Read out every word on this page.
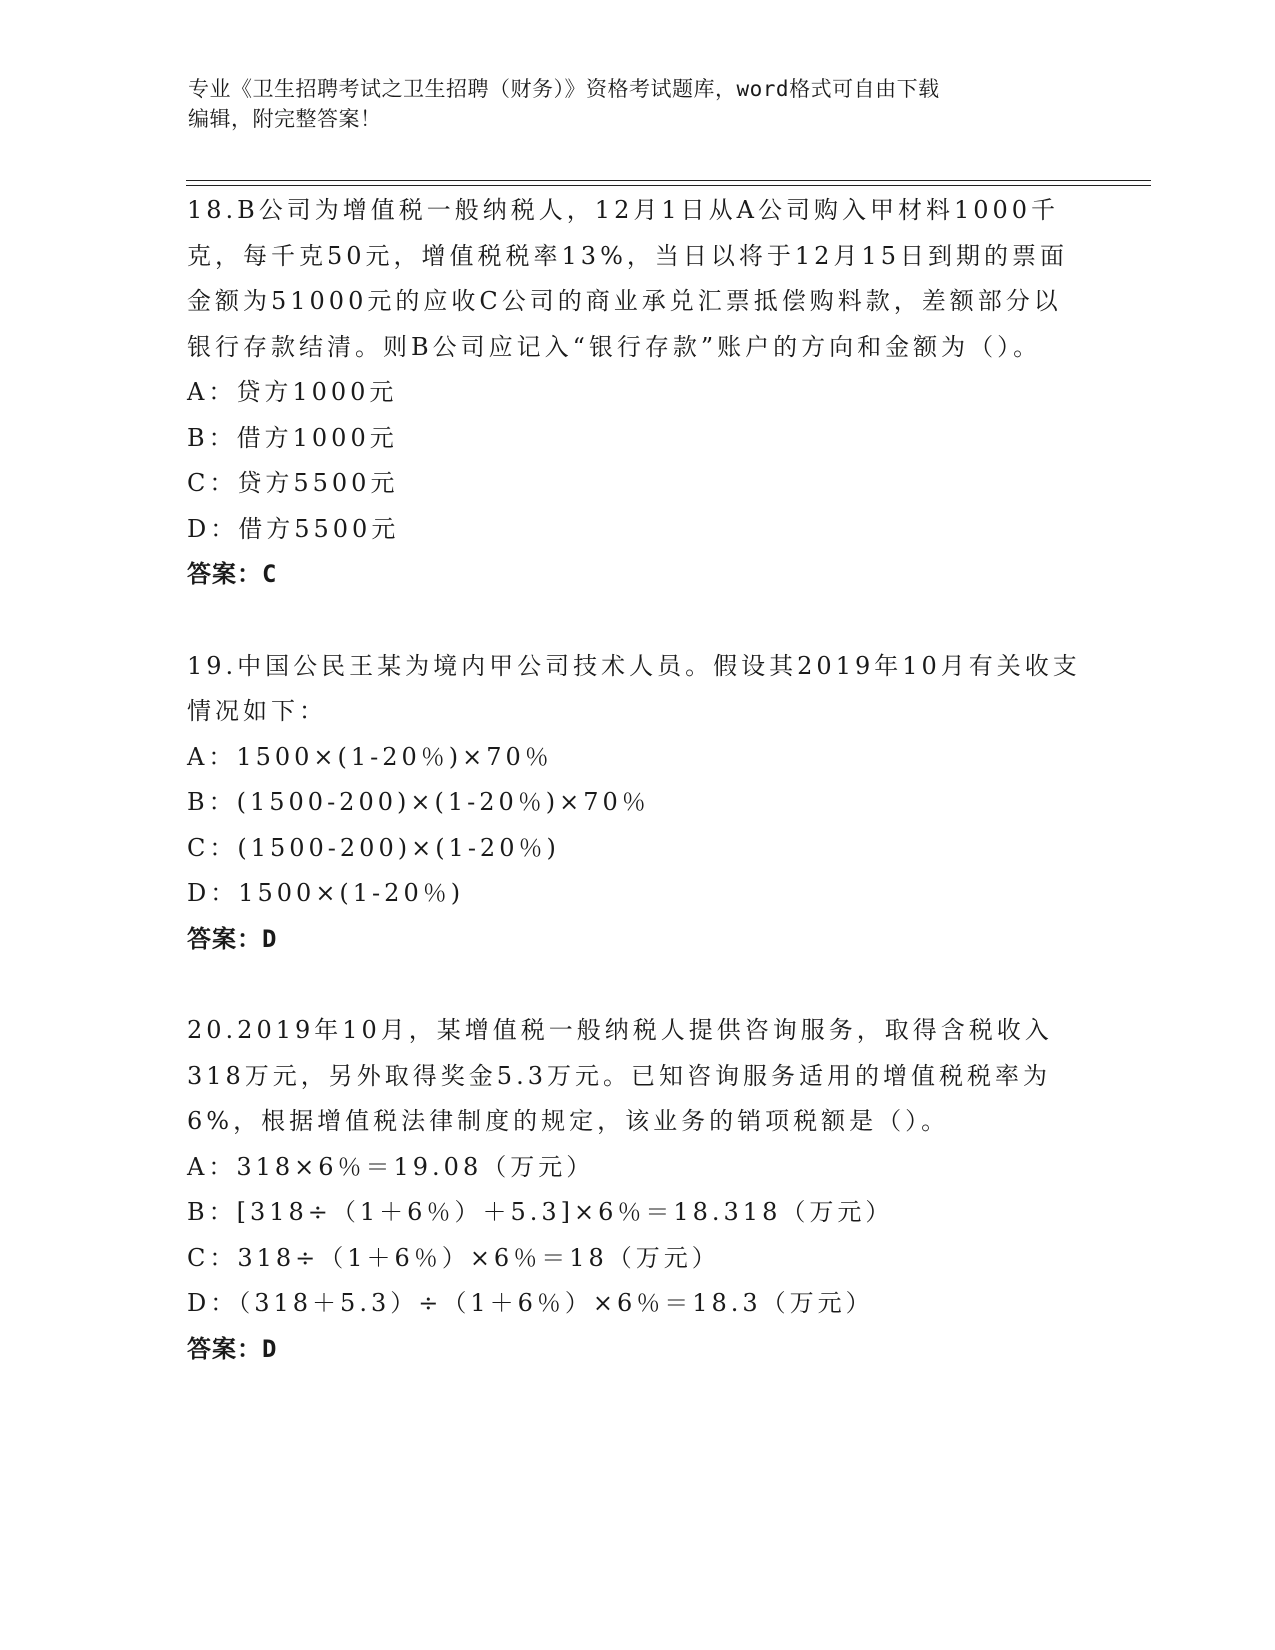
专业《卫生招聘考试之卫生招聘（财务）》资格考试题库，word格式可自由下载
编辑，附完整答案！

18.B公司为增值税一般纳税人，12月1日从A公司购入甲材料1000千克，每千克50元，增值税税率13%，当日以将于12月15日到期的票面金额为51000元的应收C公司的商业承兑汇票抵偿购料款，差额部分以银行存款结清。则B公司应记入“银行存款”账户的方向和金额为（）。

A：贷方1000元
B：借方1000元
C：贷方5500元
D：借方5500元
答案：C

19.中国公民王某为境内甲公司技术人员。假设其2019年10月有关收支情况如下：

A：1500×(1-20％)×70％
B：(1500-200)×(1-20％)×70％
C：(1500-200)×(1-20％)
D：1500×(1-20％)
答案：D

20.2019年10月，某增值税一般纳税人提供咨询服务，取得含税收入318万元，另外取得奖金5.3万元。已知咨询服务适用的增值税税率为6%，根据增值税法律制度的规定，该业务的销项税额是（）。

A：318×6％＝19.08（万元）
B：[318÷（1＋6％）＋5.3]×6％＝18.318（万元）
C：318÷（1＋6％）×6％＝18（万元）
D：（318＋5.3）÷（1＋6％）×6％＝18.3（万元）
答案：D
